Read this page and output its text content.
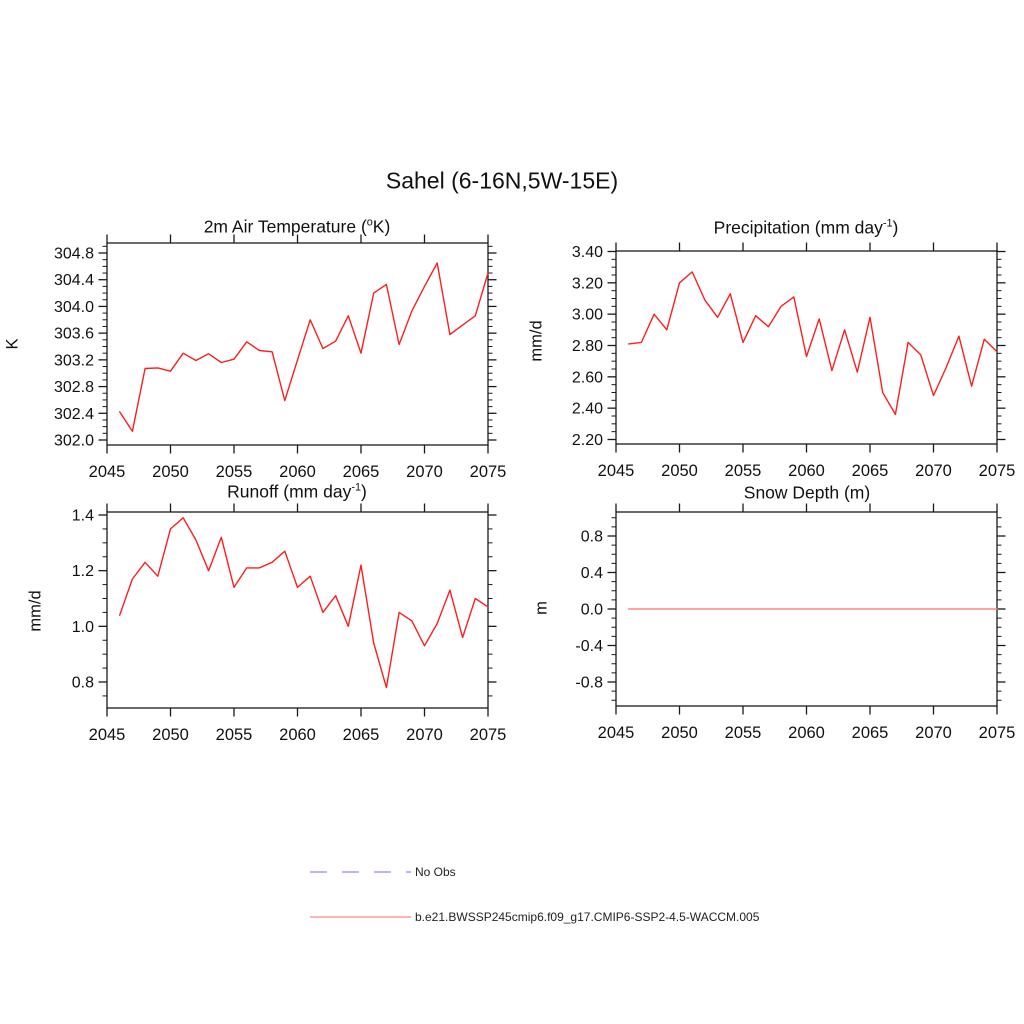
Sahel (6-16N,5W-15E)
2045 2050 2055 2060 2065 2070 2075
302.0
302.4
302.8
303.2
303.6
304.0
304.4
304.8
2045 2050 2055 2060 2065 2070 2075
2.20
2.40
2.60
2.80
3.00
3.20
3.40
2045 2050 2055 2060 2065 2070 2075
0.8
1.0
1.2
1.4
2045 2050 2055 2060 2065 2070 2075
-0.8
-0.4
0.0
0.4
0.8
2m Air Temperature ($^o$K)	Precipitation (mm day$^{-1}$)
Runoff (mm day$^{-1}$)	Snow Depth (m)
K	mm/d
mm/d	m
No Obs
b.e21.BWSSP245cmip6.f09_g17.CMIP6-SSP2-4.5-WACCM.005
